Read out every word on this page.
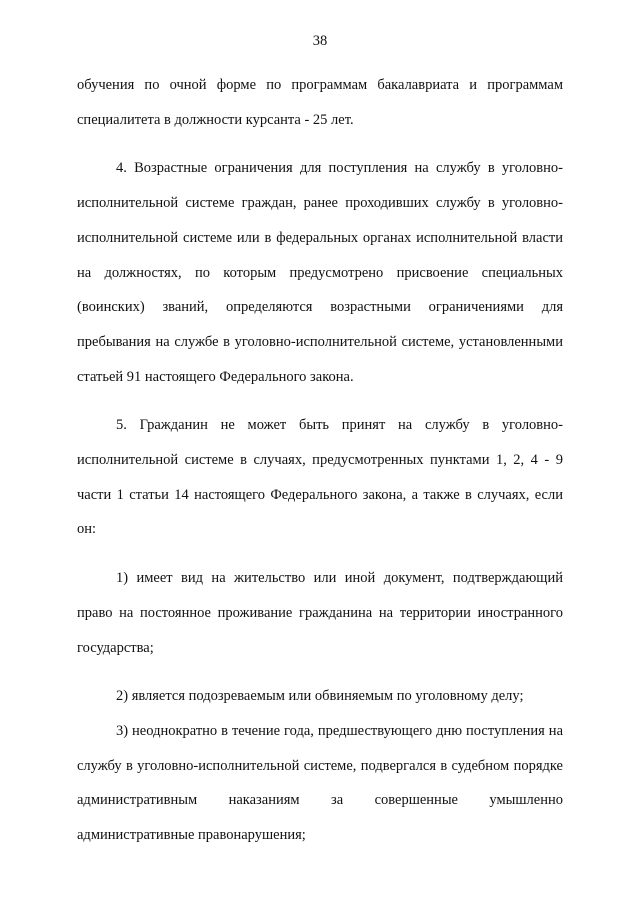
38

обучения по очной форме по программам бакалавриата и программам специалитета в должности курсанта - 25 лет.

4. Возрастные ограничения для поступления на службу в уголовно-исполнительной системе граждан, ранее проходивших службу в уголовно-исполнительной системе или в федеральных органах исполнительной власти на должностях, по которым предусмотрено присвоение специальных (воинских) званий, определяются возрастными ограничениями для пребывания на службе в уголовно-исполнительной системе, установленными статьей 91 настоящего Федерального закона.

5. Гражданин не может быть принят на службу в уголовно-исполнительной системе в случаях, предусмотренных пунктами 1, 2, 4 - 9 части 1 статьи 14 настоящего Федерального закона, а также в случаях, если он:

1) имеет вид на жительство или иной документ, подтверждающий право на постоянное проживание гражданина на территории иностранного государства;

2) является подозреваемым или обвиняемым по уголовному делу;

3) неоднократно в течение года, предшествующего дню поступления на службу в уголовно-исполнительной системе, подвергался в судебном порядке административным наказаниям за совершенные умышленно административные правонарушения;
